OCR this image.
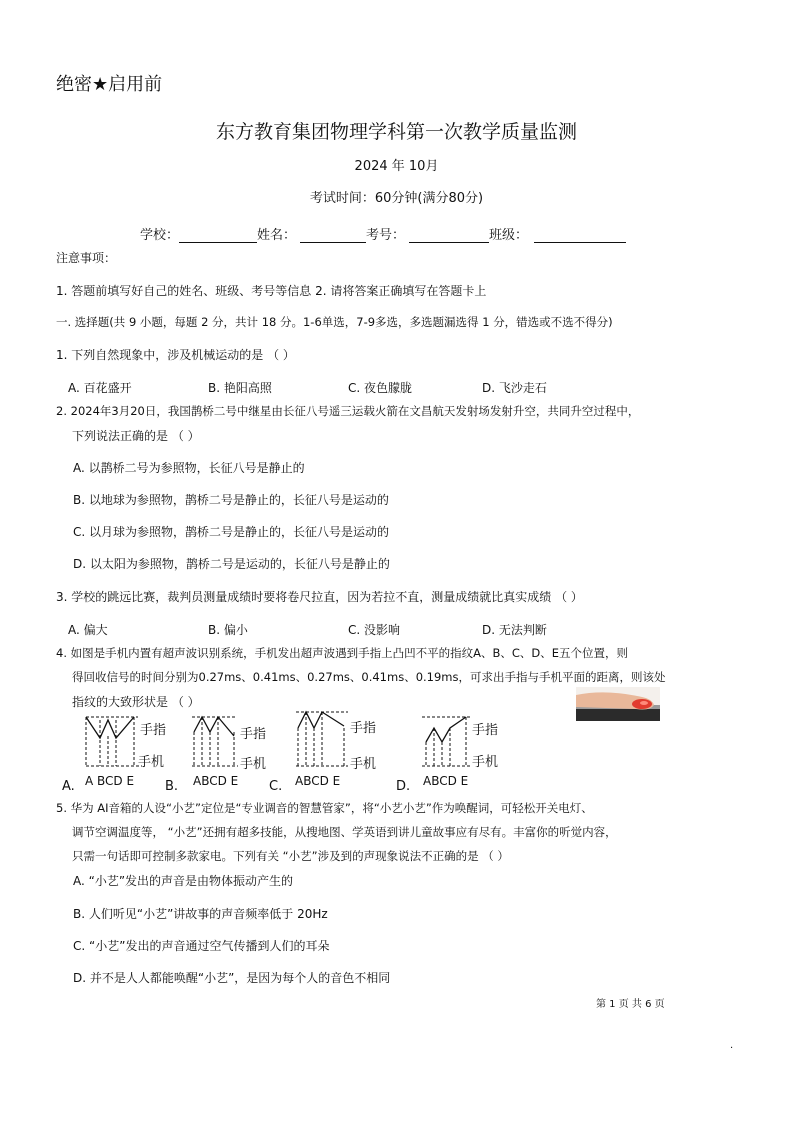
绝密★启用前
东方教育集团物理学科第一次教学质量监测
2024 年 10月
考试时间：60分钟(满分80分)
学校：	姓名：	考号：	班级：
注意事项：
1. 答题前填写好自己的姓名、班级、考号等信息 2. 请将答案正确填写在答题卡上
一. 选择题(共 9 小题，每题 2 分，共计 18 分。1-6单选，7-9多选，多选题漏选得 1 分，错选或不选不得分)
1. 下列自然现象中，涉及机械运动的是 （ ）
A. 百花盛开	B. 艳阳高照	C. 夜色朦胧	D. 飞沙走石
2. 2024年3月20日，我国鹊桥二号中继星由长征八号遥三运载火箭在文昌航天发射场发射升空，共同升空过程中，
下列说法正确的是 （ ）
A. 以鹊桥二号为参照物，长征八号是静止的
B. 以地球为参照物，鹊桥二号是静止的，长征八号是运动的
C. 以月球为参照物，鹊桥二号是静止的，长征八号是运动的
D. 以太阳为参照物，鹊桥二号是运动的，长征八号是静止的
3. 学校的跳远比赛，裁判员测量成绩时要将卷尺拉直，因为若拉不直，测量成绩就比真实成绩 （ ）
A. 偏大	B. 偏小	C. 没影响	D. 无法判断
4. 如图是手机内置有超声波识别系统，手机发出超声波遇到手指上凸凹不平的指纹A、B、C、D、E五个位置，则
得回收信号的时间分别为0.27ms、0.41ms、0.27ms、0.41ms、0.19ms，可求出手指与手机平面的距离，则该处
指纹的大致形状是 （ ）
手指
手机
手指
手机
手指
手机
手指
手机
A BCD E	ABCD E	ABCD E	ABCD E
A.	B.	C.	D.
5. 华为 AI音箱的人设“小艺”定位是“专业调音的智慧管家”，将“小艺小艺”作为唤醒词，可轻松开关电灯、
调节空调温度等， “小艺”还拥有超多技能，从搜地图、学英语到讲儿童故事应有尽有。丰富你的听觉内容，
只需一句话即可控制多款家电。下列有关 “小艺”涉及到的声现象说法不正确的是 （ ）
A. “小艺”发出的声音是由物体振动产生的
B. 人们听见“小艺”讲故事的声音频率低于 20Hz
C. “小艺”发出的声音通过空气传播到人们的耳朵
D. 并不是人人都能唤醒“小艺”，是因为每个人的音色不相同
第 1 页 共 6 页
.
